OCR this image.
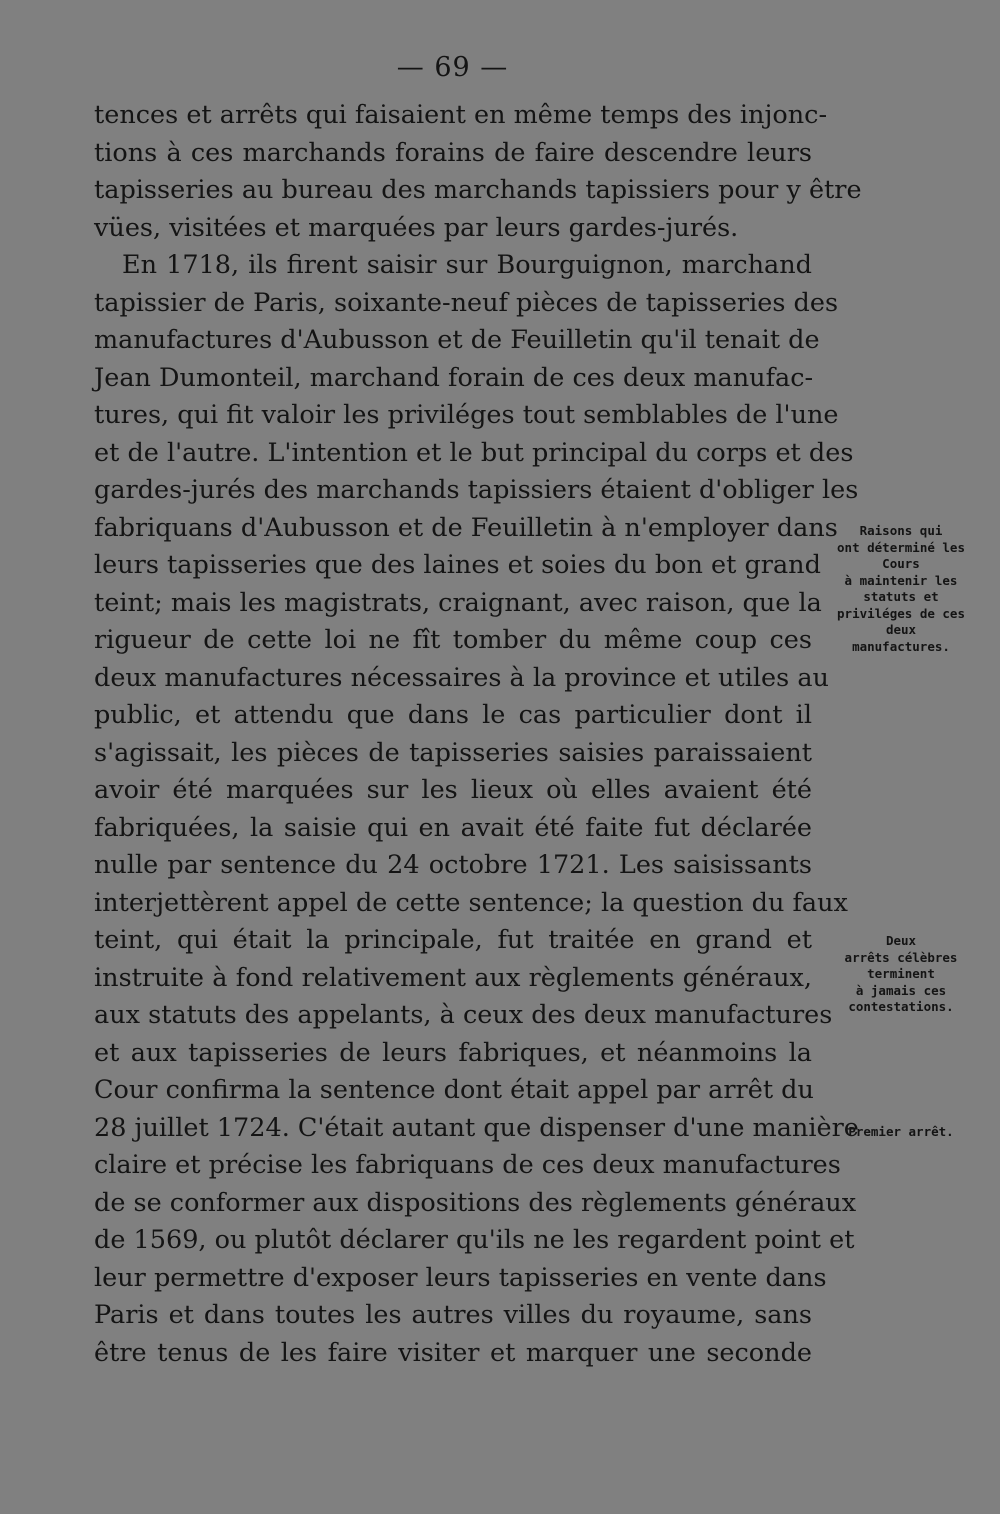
— 69 —
tences et arrêts qui faisaient en même temps des injonc-
tions à ces marchands forains de faire descendre leurs
tapisseries au bureau des marchands tapissiers pour y être
vües, visitées et marquées par leurs gardes-jurés.
En 1718, ils firent saisir sur Bourguignon, marchand
tapissier de Paris, soixante-neuf pièces de tapisseries des
manufactures d'Aubusson et de Feuilletin qu'il tenait de
Jean Dumonteil, marchand forain de ces deux manufac-
tures, qui fit valoir les priviléges tout semblables de l'une
et de l'autre. L'intention et le but principal du corps et des
gardes-jurés des marchands tapissiers étaient d'obliger les
fabriquans d'Aubusson et de Feuilletin à n'employer dans
leurs tapisseries que des laines et soies du bon et grand
teint; mais les magistrats, craignant, avec raison, que la
rigueur de cette loi ne fît tomber du même coup ces
deux manufactures nécessaires à la province et utiles au
public, et attendu que dans le cas particulier dont il
s'agissait, les pièces de tapisseries saisies paraissaient
avoir été marquées sur les lieux où elles avaient été
fabriquées, la saisie qui en avait été faite fut déclarée
nulle par sentence du 24 octobre 1721. Les saisissants
interjettèrent appel de cette sentence; la question du faux
teint, qui était la principale, fut traitée en grand et
instruite à fond relativement aux règlements généraux,
aux statuts des appelants, à ceux des deux manufactures
et aux tapisseries de leurs fabriques, et néanmoins la
Cour confirma la sentence dont était appel par arrêt du
28 juillet 1724. C'était autant que dispenser d'une manière
claire et précise les fabriquans de ces deux manufactures
de se conformer aux dispositions des règlements généraux
de 1569, ou plutôt déclarer qu'ils ne les regardent point et
leur permettre d'exposer leurs tapisseries en vente dans
Paris et dans toutes les autres villes du royaume, sans
être tenus de les faire visiter et marquer une seconde
Raisons qui
ont déterminé les
Cours
à maintenir les
statuts et
priviléges de ces
deux
manufactures.
Deux
arrêts célèbres
terminent
à jamais ces
contestations.
Premier arrêt.
